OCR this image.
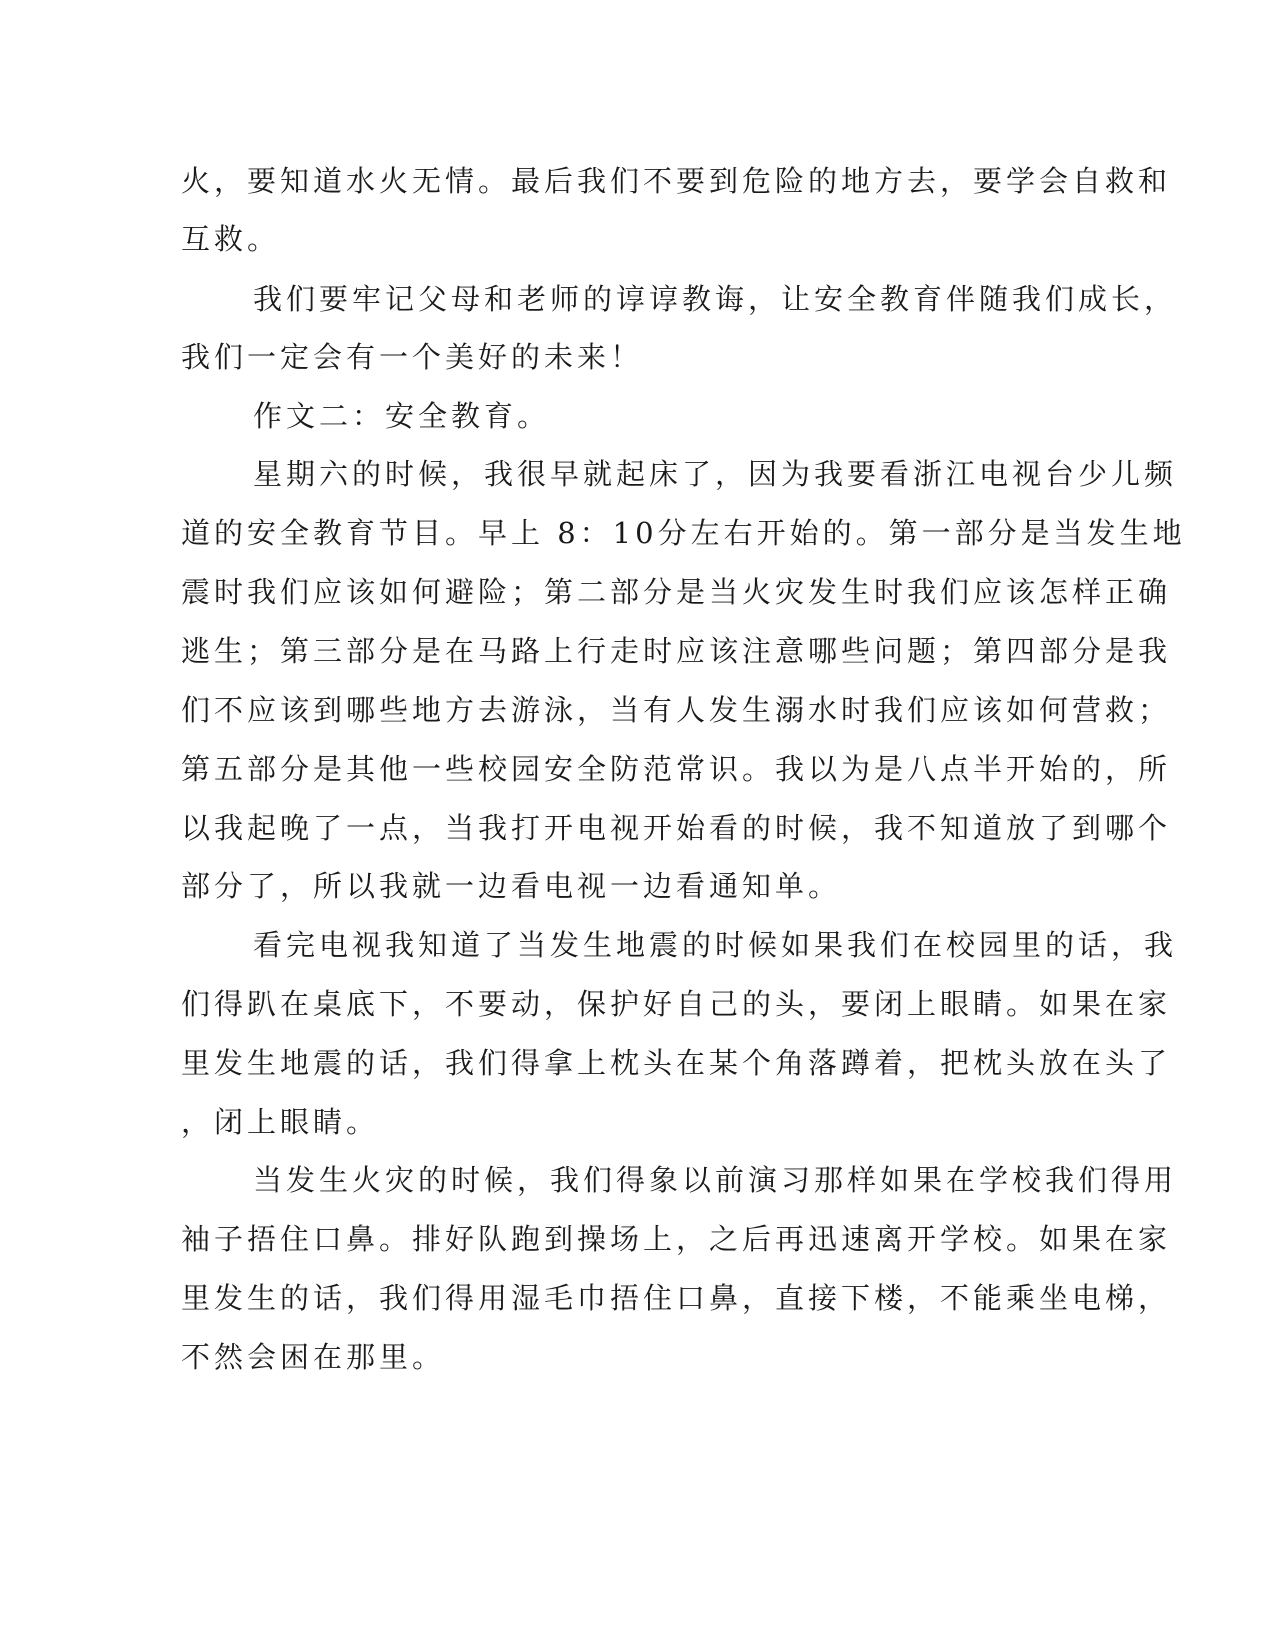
火，要知道水火无情。最后我们不要到危险的地方去，要学会自救和

互救。

我们要牢记父母和老师的谆谆教诲，让安全教育伴随我们成长，

我们一定会有一个美好的未来！

作文二：安全教育。

星期六的时候，我很早就起床了，因为我要看浙江电视台少儿频

道的安全教育节目。早上 8：10分左右开始的。第一部分是当发生地

震时我们应该如何避险；第二部分是当火灾发生时我们应该怎样正确

逃生；第三部分是在马路上行走时应该注意哪些问题；第四部分是我

们不应该到哪些地方去游泳，当有人发生溺水时我们应该如何营救；

第五部分是其他一些校园安全防范常识。我以为是八点半开始的，所

以我起晚了一点，当我打开电视开始看的时候，我不知道放了到哪个

部分了，所以我就一边看电视一边看通知单。

看完电视我知道了当发生地震的时候如果我们在校园里的话，我

们得趴在桌底下，不要动，保护好自己的头，要闭上眼睛。如果在家

里发生地震的话，我们得拿上枕头在某个角落蹲着，把枕头放在头了

，闭上眼睛。

当发生火灾的时候，我们得象以前演习那样如果在学校我们得用

袖子捂住口鼻。排好队跑到操场上，之后再迅速离开学校。如果在家

里发生的话，我们得用湿毛巾捂住口鼻，直接下楼，不能乘坐电梯，

不然会困在那里。
